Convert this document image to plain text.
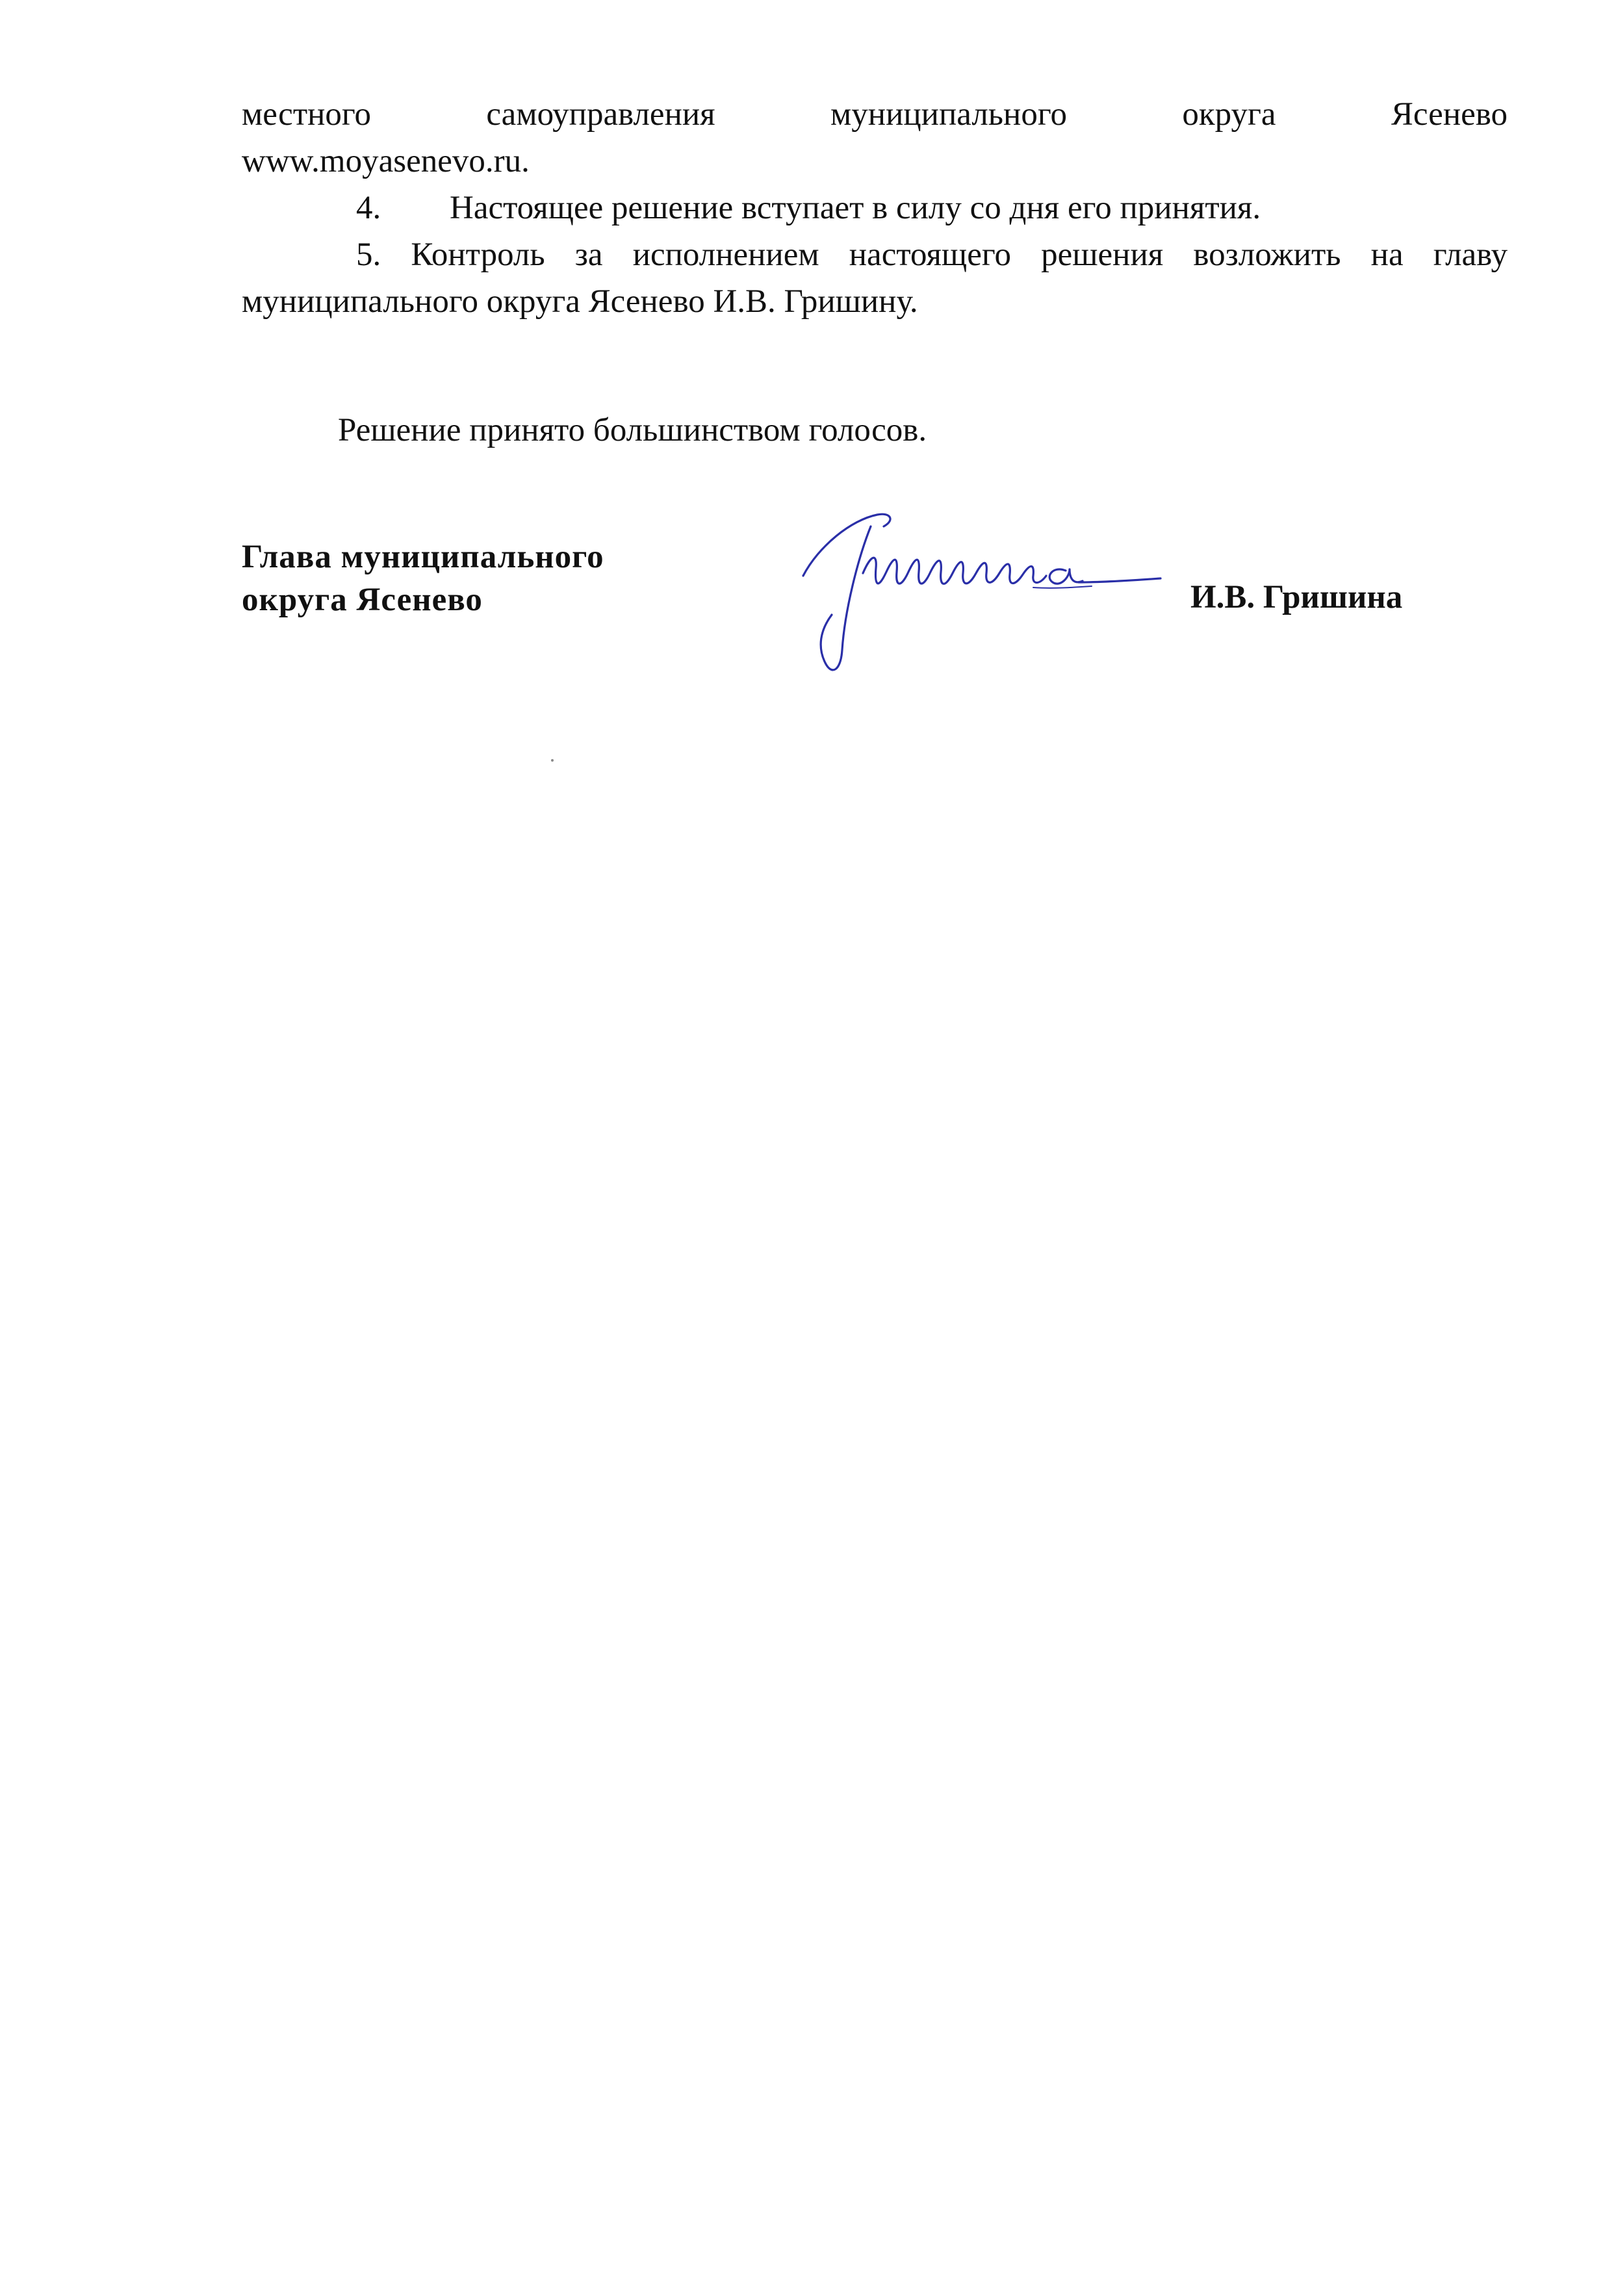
местного	самоуправления	муниципального	округа	Ясенево
www.moyasenevo.ru.
4. Настоящее решение вступает в силу со дня его принятия.
5. Контроль за исполнением настоящего решения возложить на главу
муниципального округа Ясенево И.В. Гришину.
Решение принято большинством голосов.
Глава муниципального
округа Ясенево	И.В. Гришина
